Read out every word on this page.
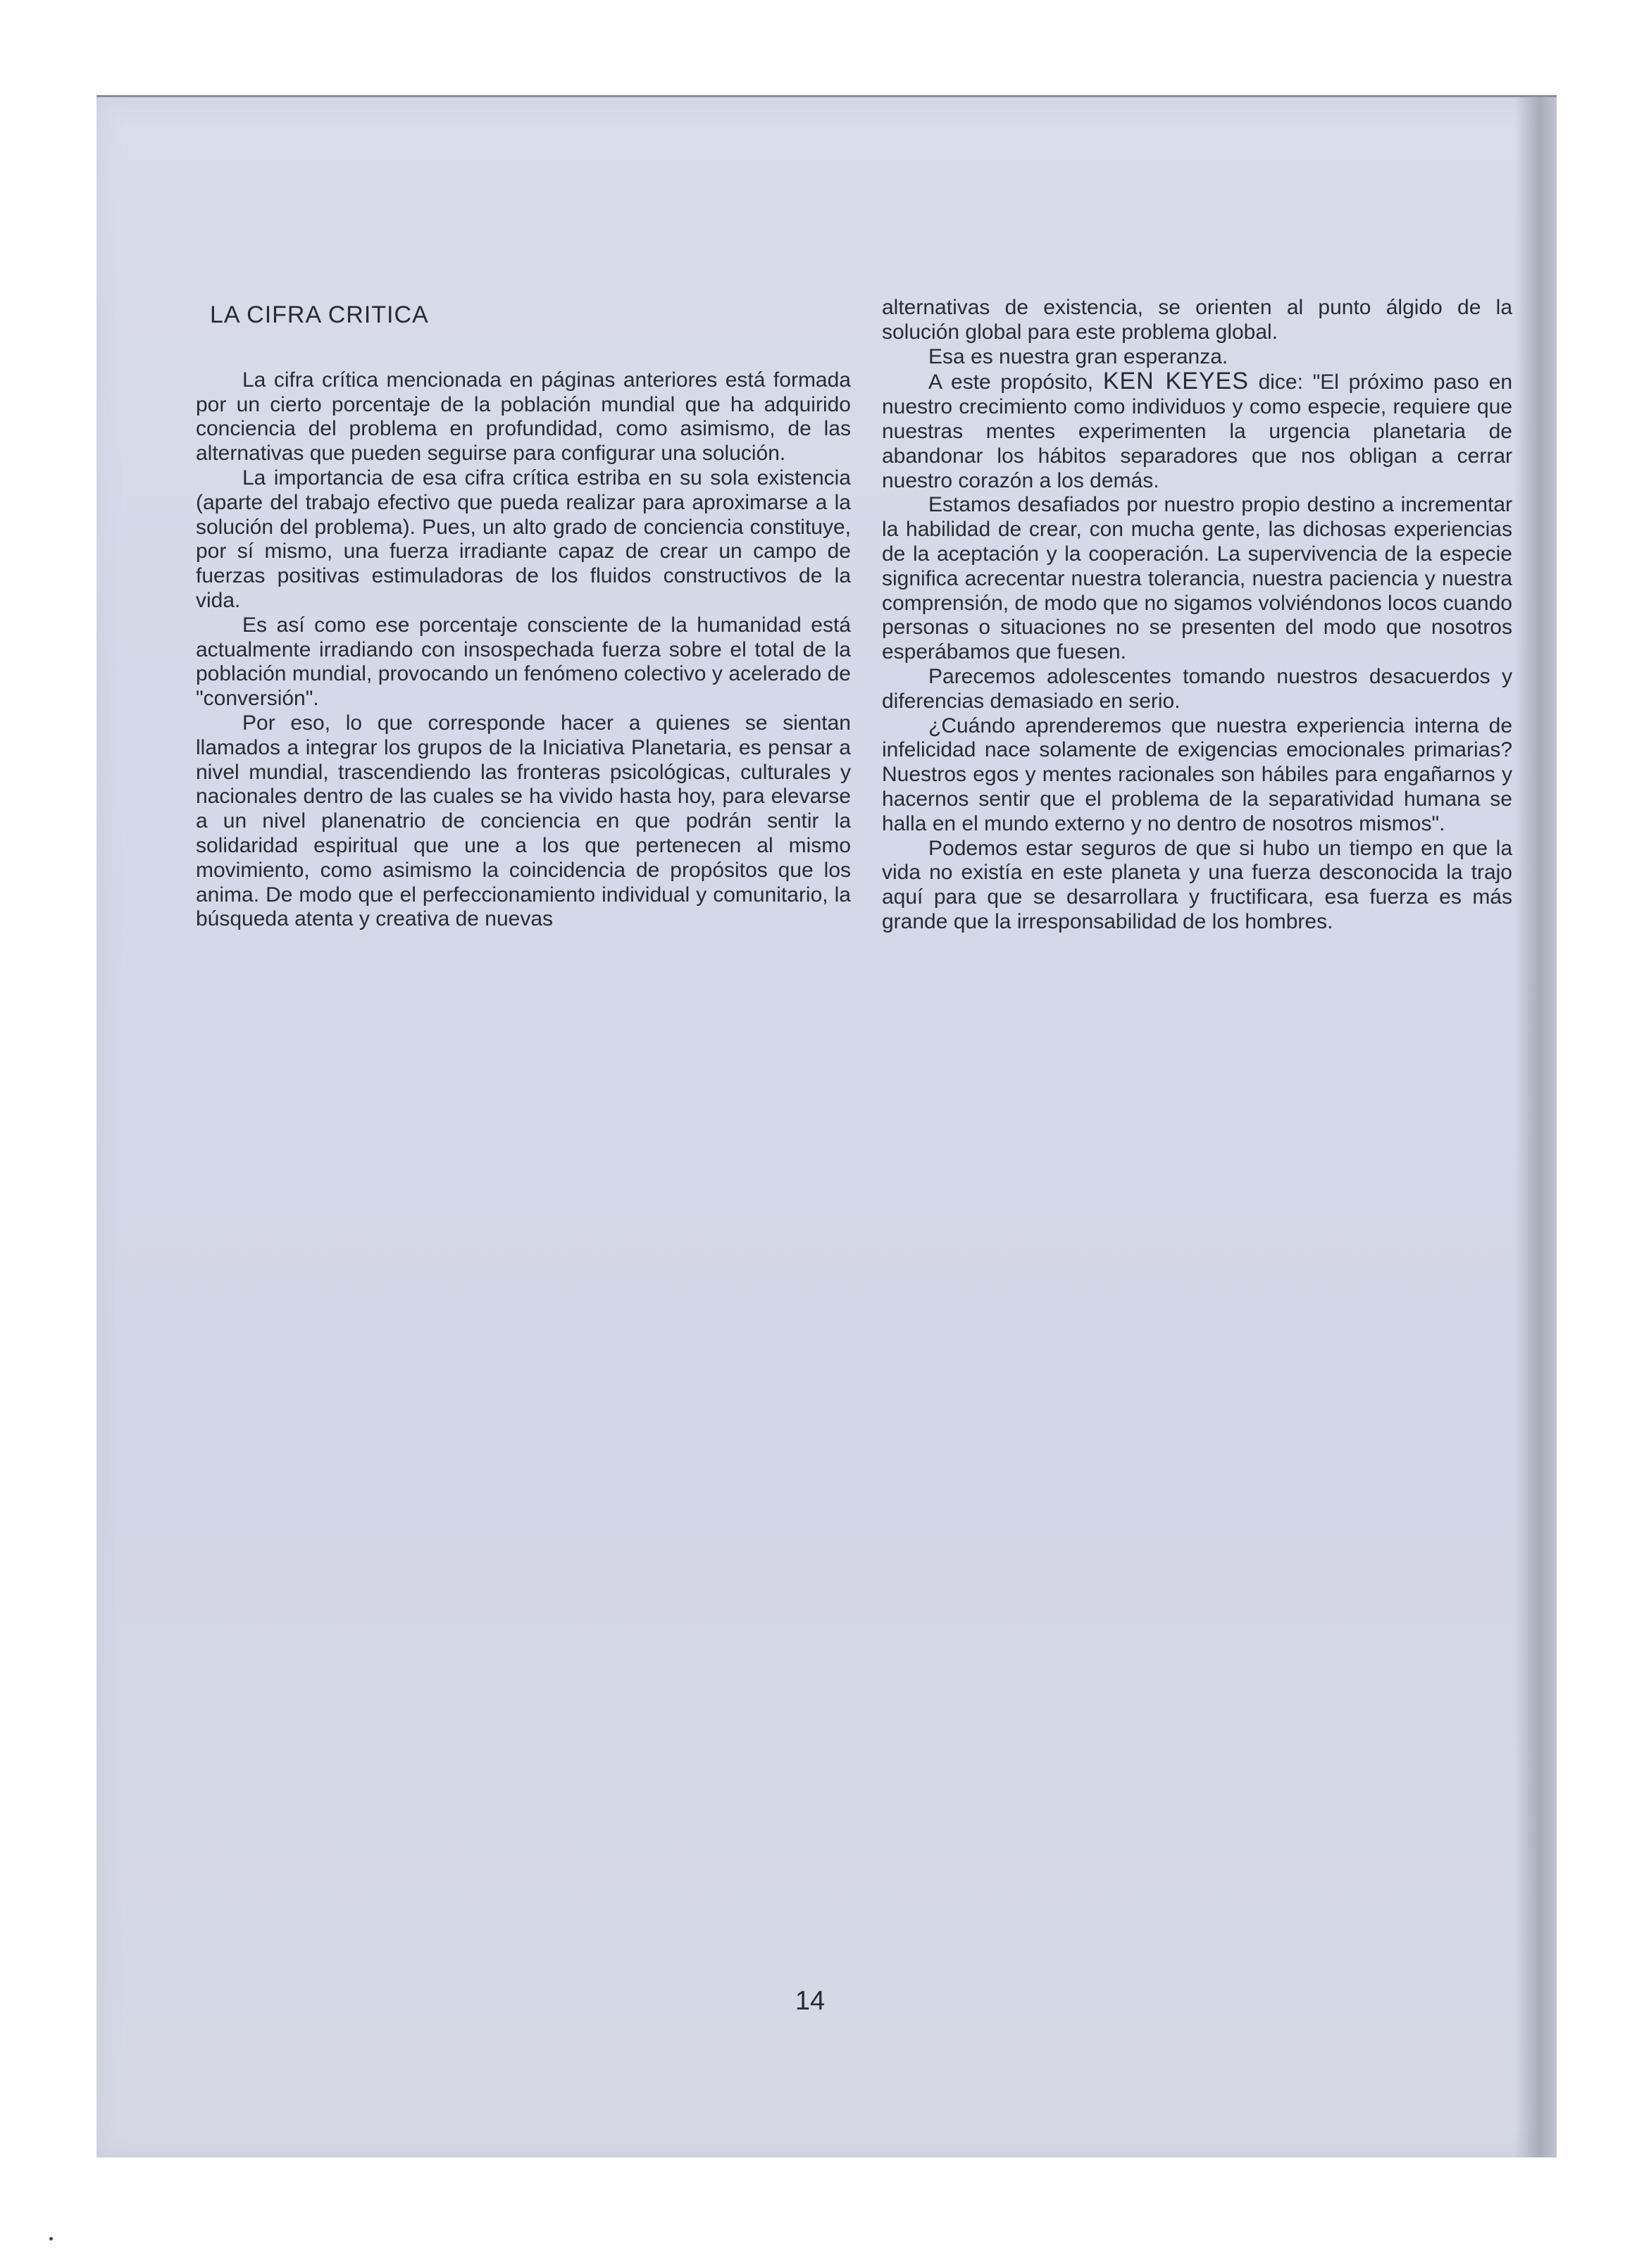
LA CIFRA CRITICA

La cifra crítica mencionada en páginas anteriores está formada por un cierto porcentaje de la población mundial que ha adquirido conciencia del problema en profundidad, como asimismo, de las alternativas que pueden seguirse para configurar una solución.

La importancia de esa cifra crítica estriba en su sola existencia (aparte del trabajo efectivo que pueda realizar para aproximarse a la solución del problema). Pues, un alto grado de conciencia constituye, por sí mismo, una fuerza irradiante capaz de crear un campo de fuerzas positivas estimuladoras de los fluidos constructivos de la vida.

Es así como ese porcentaje consciente de la humanidad está actualmente irradiando con insospechada fuerza sobre el total de la población mundial, provocando un fenómeno colectivo y acelerado de "conversión".

Por eso, lo que corresponde hacer a quienes se sientan llamados a integrar los grupos de la Iniciativa Planetaria, es pensar a nivel mundial, trascendiendo las fronteras psicológicas, culturales y nacionales dentro de las cuales se ha vivido hasta hoy, para elevarse a un nivel planenatrio de conciencia en que podrán sentir la solidaridad espiritual que une a los que pertenecen al mismo movimiento, como asimismo la coincidencia de propósitos que los anima. De modo que el perfeccionamiento individual y comunitario, la búsqueda atenta y creativa de nuevas

alternativas de existencia, se orienten al punto álgido de la solución global para este problema global.

Esa es nuestra gran esperanza.

A este propósito, KEN KEYES dice: "El próximo paso en nuestro crecimiento como individuos y como especie, requiere que nuestras mentes experimenten la urgencia planetaria de abandonar los hábitos separadores que nos obligan a cerrar nuestro corazón a los demás.

Estamos desafiados por nuestro propio destino a incrementar la habilidad de crear, con mucha gente, las dichosas experiencias de la aceptación y la cooperación. La supervivencia de la especie significa acrecentar nuestra tolerancia, nuestra paciencia y nuestra comprensión, de modo que no sigamos volviéndonos locos cuando personas o situaciones no se presenten del modo que nosotros esperábamos que fuesen.

Parecemos adolescentes tomando nuestros desacuerdos y diferencias demasiado en serio.

¿Cuándo aprenderemos que nuestra experiencia interna de infelicidad nace solamente de exigencias emocionales primarias? Nuestros egos y mentes racionales son hábiles para engañarnos y hacernos sentir que el problema de la separatividad humana se halla en el mundo externo y no dentro de nosotros mismos".

Podemos estar seguros de que si hubo un tiempo en que la vida no existía en este planeta y una fuerza desconocida la trajo aquí para que se desarrollara y fructificara, esa fuerza es más grande que la irresponsabilidad de los hombres.

14
